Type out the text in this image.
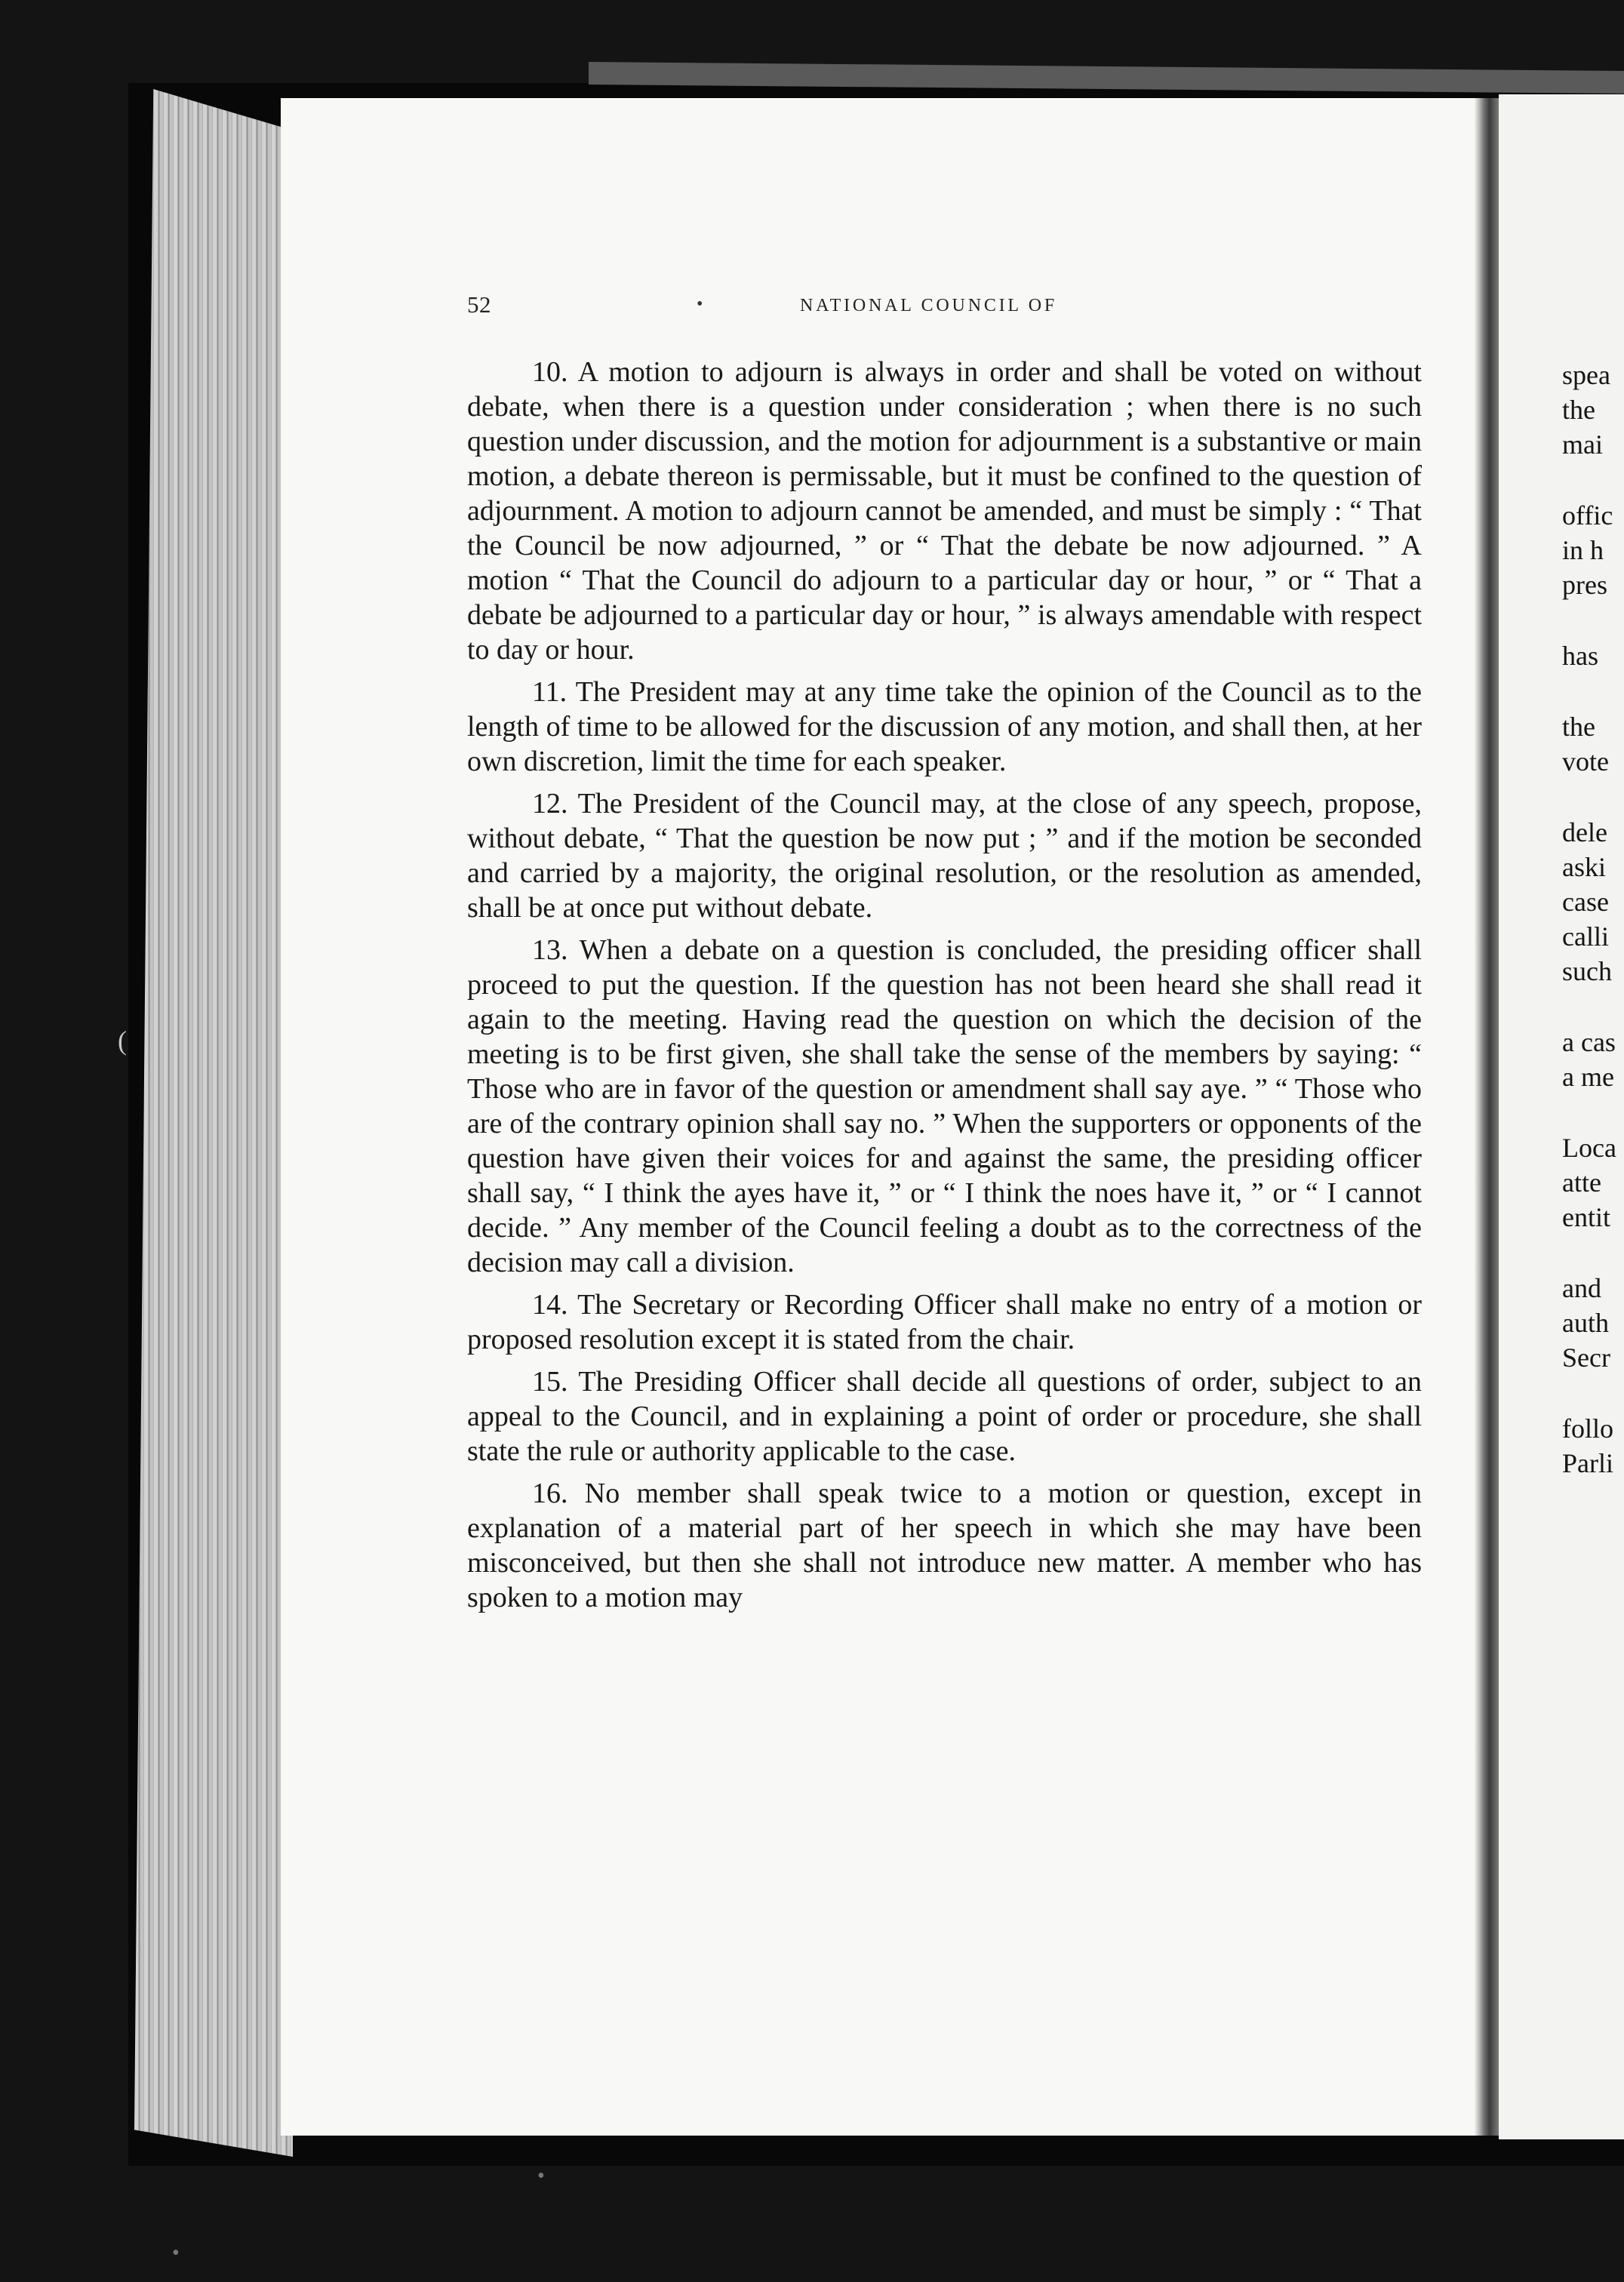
52	•	NATIONAL COUNCIL OF

10. A motion to adjourn is always in order and shall be voted on without debate, when there is a question under consideration ; when there is no such question under discussion, and the motion for adjournment is a substantive or main motion, a debate thereon is permissable, but it must be confined to the question of adjournment. A motion to adjourn cannot be amended, and must be simply : “ That the Council be now adjourned, ” or “ That the debate be now adjourned. ” A motion “ That the Council do adjourn to a particular day or hour, ” or “ That a debate be adjourned to a particular day or hour, ” is always amendable with respect to day or hour.

11. The President may at any time take the opinion of the Council as to the length of time to be allowed for the discussion of any motion, and shall then, at her own discretion, limit the time for each speaker.

12. The President of the Council may, at the close of any speech, propose, without debate, “ That the question be now put ; ” and if the motion be seconded and carried by a majority, the original resolution, or the resolution as amended, shall be at once put without debate.

13. When a debate on a question is concluded, the presiding officer shall proceed to put the question. If the question has not been heard she shall read it again to the meeting. Having read the question on which the decision of the meeting is to be first given, she shall take the sense of the members by saying: “ Those who are in favor of the question or amendment shall say aye. ” “ Those who are of the contrary opinion shall say no. ” When the supporters or opponents of the question have given their voices for and against the same, the presiding officer shall say, “ I think the ayes have it, ” or “ I think the noes have it, ” or “ I cannot decide. ” Any member of the Council feeling a doubt as to the correctness of the decision may call a division.

14. The Secretary or Recording Officer shall make no entry of a motion or proposed resolution except it is stated from the chair.

15. The Presiding Officer shall decide all questions of order, subject to an appeal to the Council, and in explaining a point of order or procedure, she shall state the rule or authority applicable to the case.

16. No member shall speak twice to a motion or question, except in explanation of a material part of her speech in which she may have been misconceived, but then she shall not introduce new matter. A member who has spoken to a motion may

spea
the
mai
offic
in h
pres
has
the
vote
dele
aski
case
calli
such
a cas
a me
Loca
atte
entit
and
auth
Secr
follo
Parli
(
•
•
